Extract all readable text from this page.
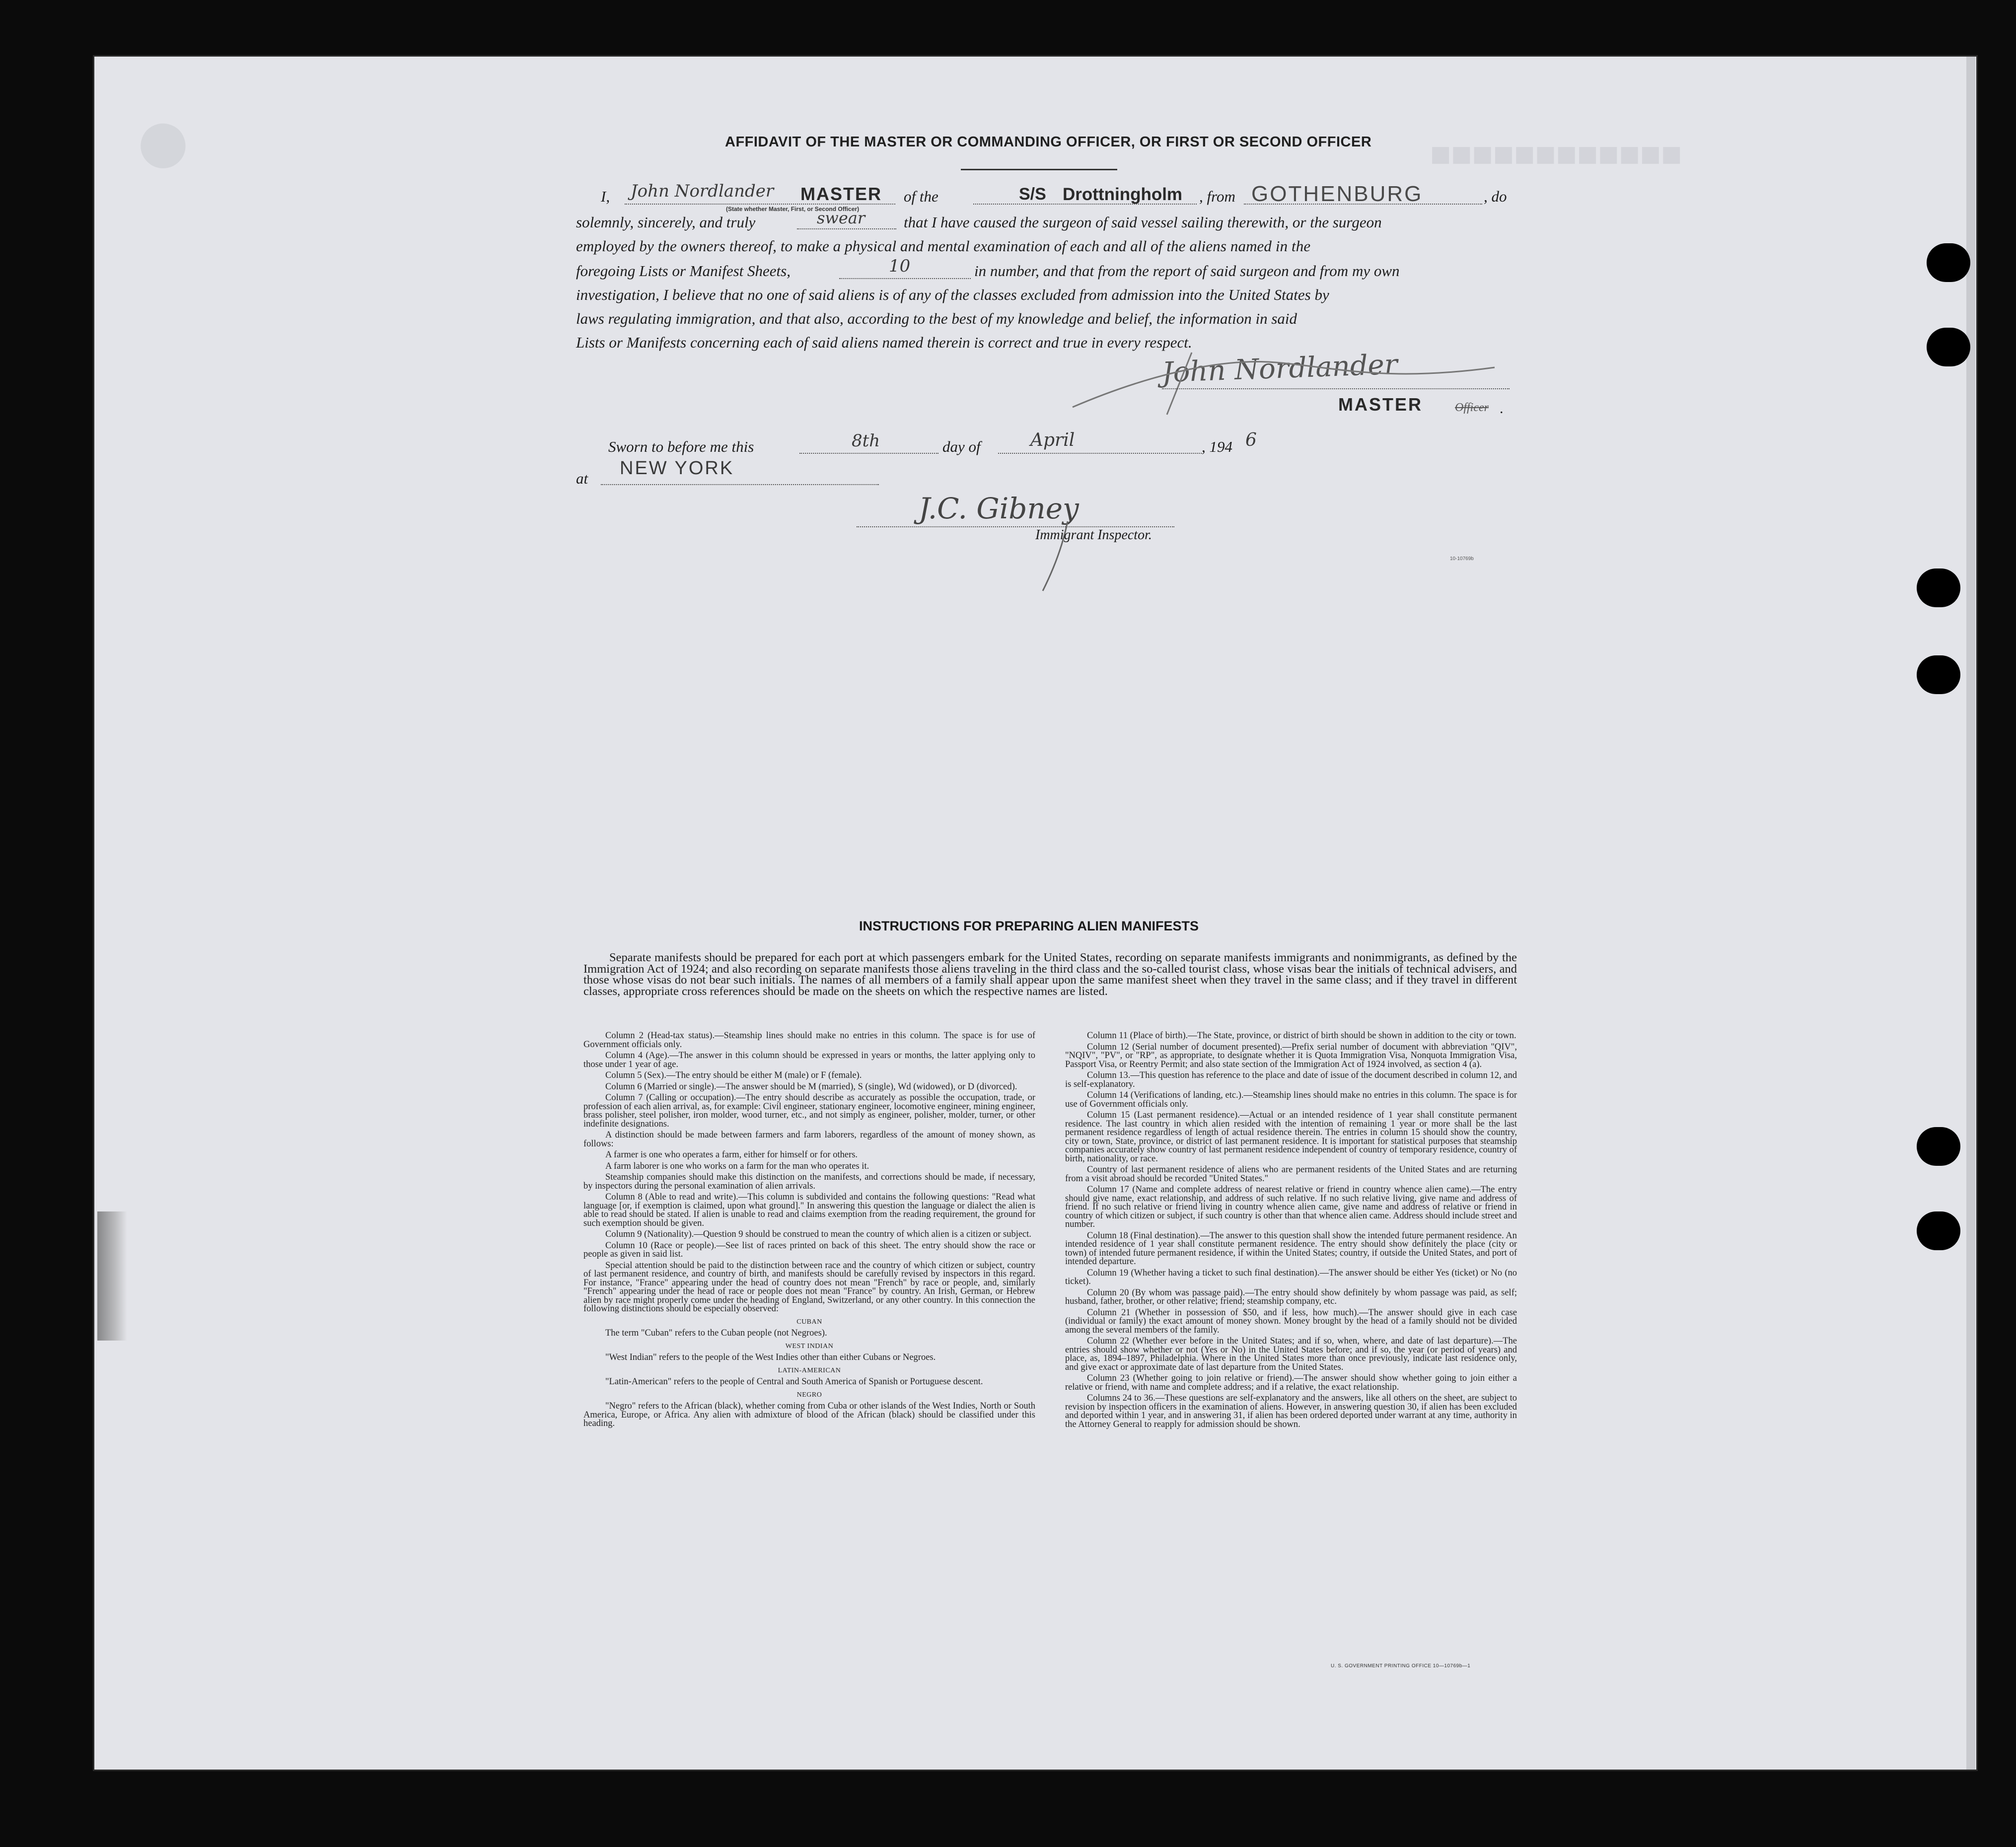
●	■■■■■■■■■■■■
AFFIDAVIT OF THE MASTER OR COMMANDING OFFICER, OR FIRST OR SECOND OFFICER
I, John Nordlander MASTER
(State whether Master, First, or Second Officer)
of the	S/S Drottningholm , from GOTHENBURG	, do
solemnly, sincerely, and truly	swear	that I have caused the surgeon of said vessel sailing therewith, or the surgeon
employed by the owners thereof, to make a physical and mental examination of each and all of the aliens named in the
foregoing Lists or Manifest Sheets,	10	in number, and that from the report of said surgeon and from my own
investigation, I believe that no one of said aliens is of any of the classes excluded from admission into the United States by
laws regulating immigration, and that also, according to the best of my knowledge and belief, the information in said
Lists or Manifests concerning each of said aliens named therein is correct and true in every respect.
John Nordlander
MASTER	Officer .
Sworn to before me this	8th	day of	April	, 194 6
at NEW YORK
J.C. Gibney
Immigrant Inspector.
10-10769b
INSTRUCTIONS FOR PREPARING ALIEN MANIFESTS
Separate manifests should be prepared for each port at which passengers embark for the United States, recording on separate manifests immigrants and nonimmigrants, as defined by the Immigration Act of 1924; and also recording on separate manifests those aliens traveling in the third class and the so-called tourist class, whose visas bear the initials of technical advisers, and those whose visas do not bear such initials. The names of all members of a family shall appear upon the same manifest sheet when they travel in the same class; and if they travel in different classes, appropriate cross references should be made on the sheets on which the respective names are listed.

Column 2 (Head-tax status).—Steamship lines should make no entries in this column. The space is for use of Government officials only.

Column 4 (Age).—The answer in this column should be expressed in years or months, the latter applying only to those under 1 year of age.

Column 5 (Sex).—The entry should be either M (male) or F (female).

Column 6 (Married or single).—The answer should be M (married), S (single), Wd (widowed), or D (divorced).

Column 7 (Calling or occupation).—The entry should describe as accurately as possible the occupation, trade, or profession of each alien arrival, as, for example: Civil engineer, stationary engineer, locomotive engineer, mining engineer, brass polisher, steel polisher, iron molder, wood turner, etc., and not simply as engineer, polisher, molder, turner, or other indefinite designations.

A distinction should be made between farmers and farm laborers, regardless of the amount of money shown, as follows:

A farmer is one who operates a farm, either for himself or for others.

A farm laborer is one who works on a farm for the man who operates it.

Steamship companies should make this distinction on the manifests, and corrections should be made, if necessary, by inspectors during the personal examination of alien arrivals.

Column 8 (Able to read and write).—This column is subdivided and contains the following questions: "Read what language [or, if exemption is claimed, upon what ground]." In answering this question the language or dialect the alien is able to read should be stated. If alien is unable to read and claims exemption from the reading requirement, the ground for such exemption should be given.

Column 9 (Nationality).—Question 9 should be construed to mean the country of which alien is a citizen or subject.

Column 10 (Race or people).—See list of races printed on back of this sheet. The entry should show the race or people as given in said list.

Special attention should be paid to the distinction between race and the country of which citizen or subject, country of last permanent residence, and country of birth, and manifests should be carefully revised by inspectors in this regard. For instance, "France" appearing under the head of country does not mean "French" by race or people, and, similarly "French" appearing under the head of race or people does not mean "France" by country. An Irish, German, or Hebrew alien by race might properly come under the heading of England, Switzerland, or any other country. In this connection the following distinctions should be especially observed:

CUBAN

The term "Cuban" refers to the Cuban people (not Negroes).

WEST INDIAN

"West Indian" refers to the people of the West Indies other than either Cubans or Negroes.

LATIN-AMERICAN

"Latin-American" refers to the people of Central and South America of Spanish or Portuguese descent.

NEGRO

"Negro" refers to the African (black), whether coming from Cuba or other islands of the West Indies, North or South America, Europe, or Africa. Any alien with admixture of blood of the African (black) should be classified under this heading.

Column 11 (Place of birth).—The State, province, or district of birth should be shown in addition to the city or town.

Column 12 (Serial number of document presented).—Prefix serial number of document with abbreviation "QIV", "NQIV", "PV", or "RP", as appropriate, to designate whether it is Quota Immigration Visa, Nonquota Immigration Visa, Passport Visa, or Reentry Permit; and also state section of the Immigration Act of 1924 involved, as section 4 (a).

Column 13.—This question has reference to the place and date of issue of the document described in column 12, and is self-explanatory.

Column 14 (Verifications of landing, etc.).—Steamship lines should make no entries in this column. The space is for use of Government officials only.

Column 15 (Last permanent residence).—Actual or an intended residence of 1 year shall constitute permanent residence. The last country in which alien resided with the intention of remaining 1 year or more shall be the last permanent residence regardless of length of actual residence therein. The entries in column 15 should show the country, city or town, State, province, or district of last permanent residence. It is important for statistical purposes that steamship companies accurately show country of last permanent residence independent of country of temporary residence, country of birth, nationality, or race.

Country of last permanent residence of aliens who are permanent residents of the United States and are returning from a visit abroad should be recorded "United States."

Column 17 (Name and complete address of nearest relative or friend in country whence alien came).—The entry should give name, exact relationship, and address of such relative. If no such relative living, give name and address of friend. If no such relative or friend living in country whence alien came, give name and address of relative or friend in country of which citizen or subject, if such country is other than that whence alien came. Address should include street and number.

Column 18 (Final destination).—The answer to this question shall show the intended future permanent residence. An intended residence of 1 year shall constitute permanent residence. The entry should show definitely the place (city or town) of intended future permanent residence, if within the United States; country, if outside the United States, and port of intended departure.

Column 19 (Whether having a ticket to such final destination).—The answer should be either Yes (ticket) or No (no ticket).

Column 20 (By whom was passage paid).—The entry should show definitely by whom passage was paid, as self; husband, father, brother, or other relative; friend; steamship company, etc.

Column 21 (Whether in possession of $50, and if less, how much).—The answer should give in each case (individual or family) the exact amount of money shown. Money brought by the head of a family should not be divided among the several members of the family.

Column 22 (Whether ever before in the United States; and if so, when, where, and date of last departure).—The entries should show whether or not (Yes or No) in the United States before; and if so, the year (or period of years) and place, as, 1894–1897, Philadelphia. Where in the United States more than once previously, indicate last residence only, and give exact or approximate date of last departure from the United States.

Column 23 (Whether going to join relative or friend).—The answer should show whether going to join either a relative or friend, with name and complete address; and if a relative, the exact relationship.

Columns 24 to 36.—These questions are self-explanatory and the answers, like all others on the sheet, are subject to revision by inspection officers in the examination of aliens. However, in answering question 30, if alien has been excluded and deported within 1 year, and in answering 31, if alien has been ordered deported under warrant at any time, authority in the Attorney General to reapply for admission should be shown.

U. S. GOVERNMENT PRINTING OFFICE 10—10769b—1
